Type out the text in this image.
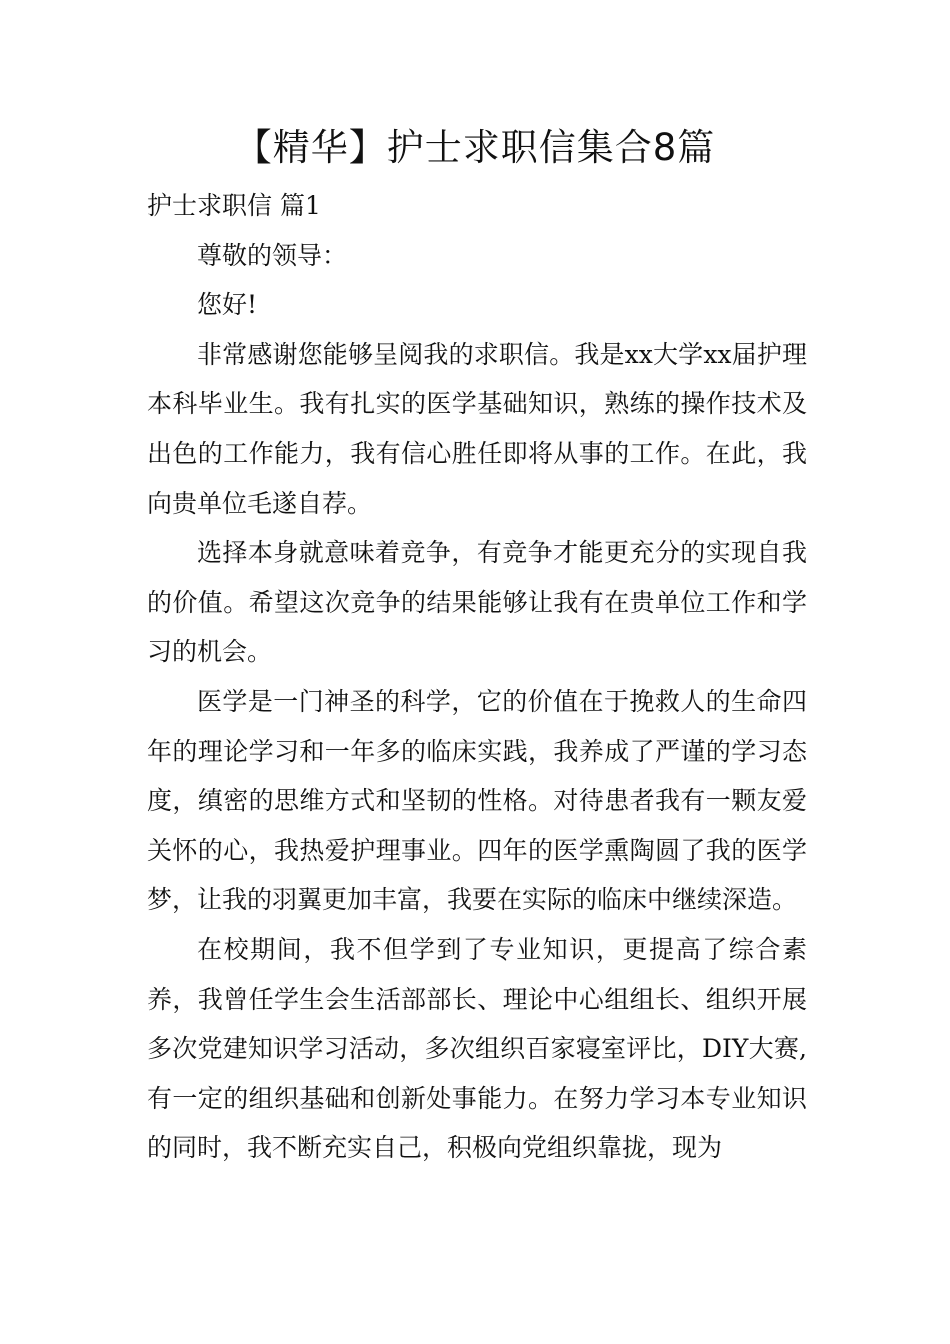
【精华】护士求职信集合8篇

护士求职信 篇1

尊敬的领导：

您好!

非常感谢您能够呈阅我的求职信。我是xx大学xx届护理本科毕业生。我有扎实的医学基础知识，熟练的操作技术及出色的工作能力，我有信心胜任即将从事的工作。在此，我向贵单位毛遂自荐。

选择本身就意味着竞争，有竞争才能更充分的实现自我的价值。希望这次竞争的结果能够让我有在贵单位工作和学习的机会。

医学是一门神圣的科学，它的价值在于挽救人的生命四年的理论学习和一年多的临床实践，我养成了严谨的学习态度，缜密的思维方式和坚韧的性格。对待患者我有一颗友爱关怀的心，我热爱护理事业。四年的医学熏陶圆了我的医学梦，让我的羽翼更加丰富，我要在实际的临床中继续深造。

在校期间，我不但学到了专业知识，更提高了综合素养，我曾任学生会生活部部长、理论中心组组长、组织开展多次党建知识学习活动，多次组织百家寝室评比，DIY大赛,有一定的组织基础和创新处事能力。在努力学习本专业知识的同时，我不断充实自己，积极向党组织靠拢，现为
